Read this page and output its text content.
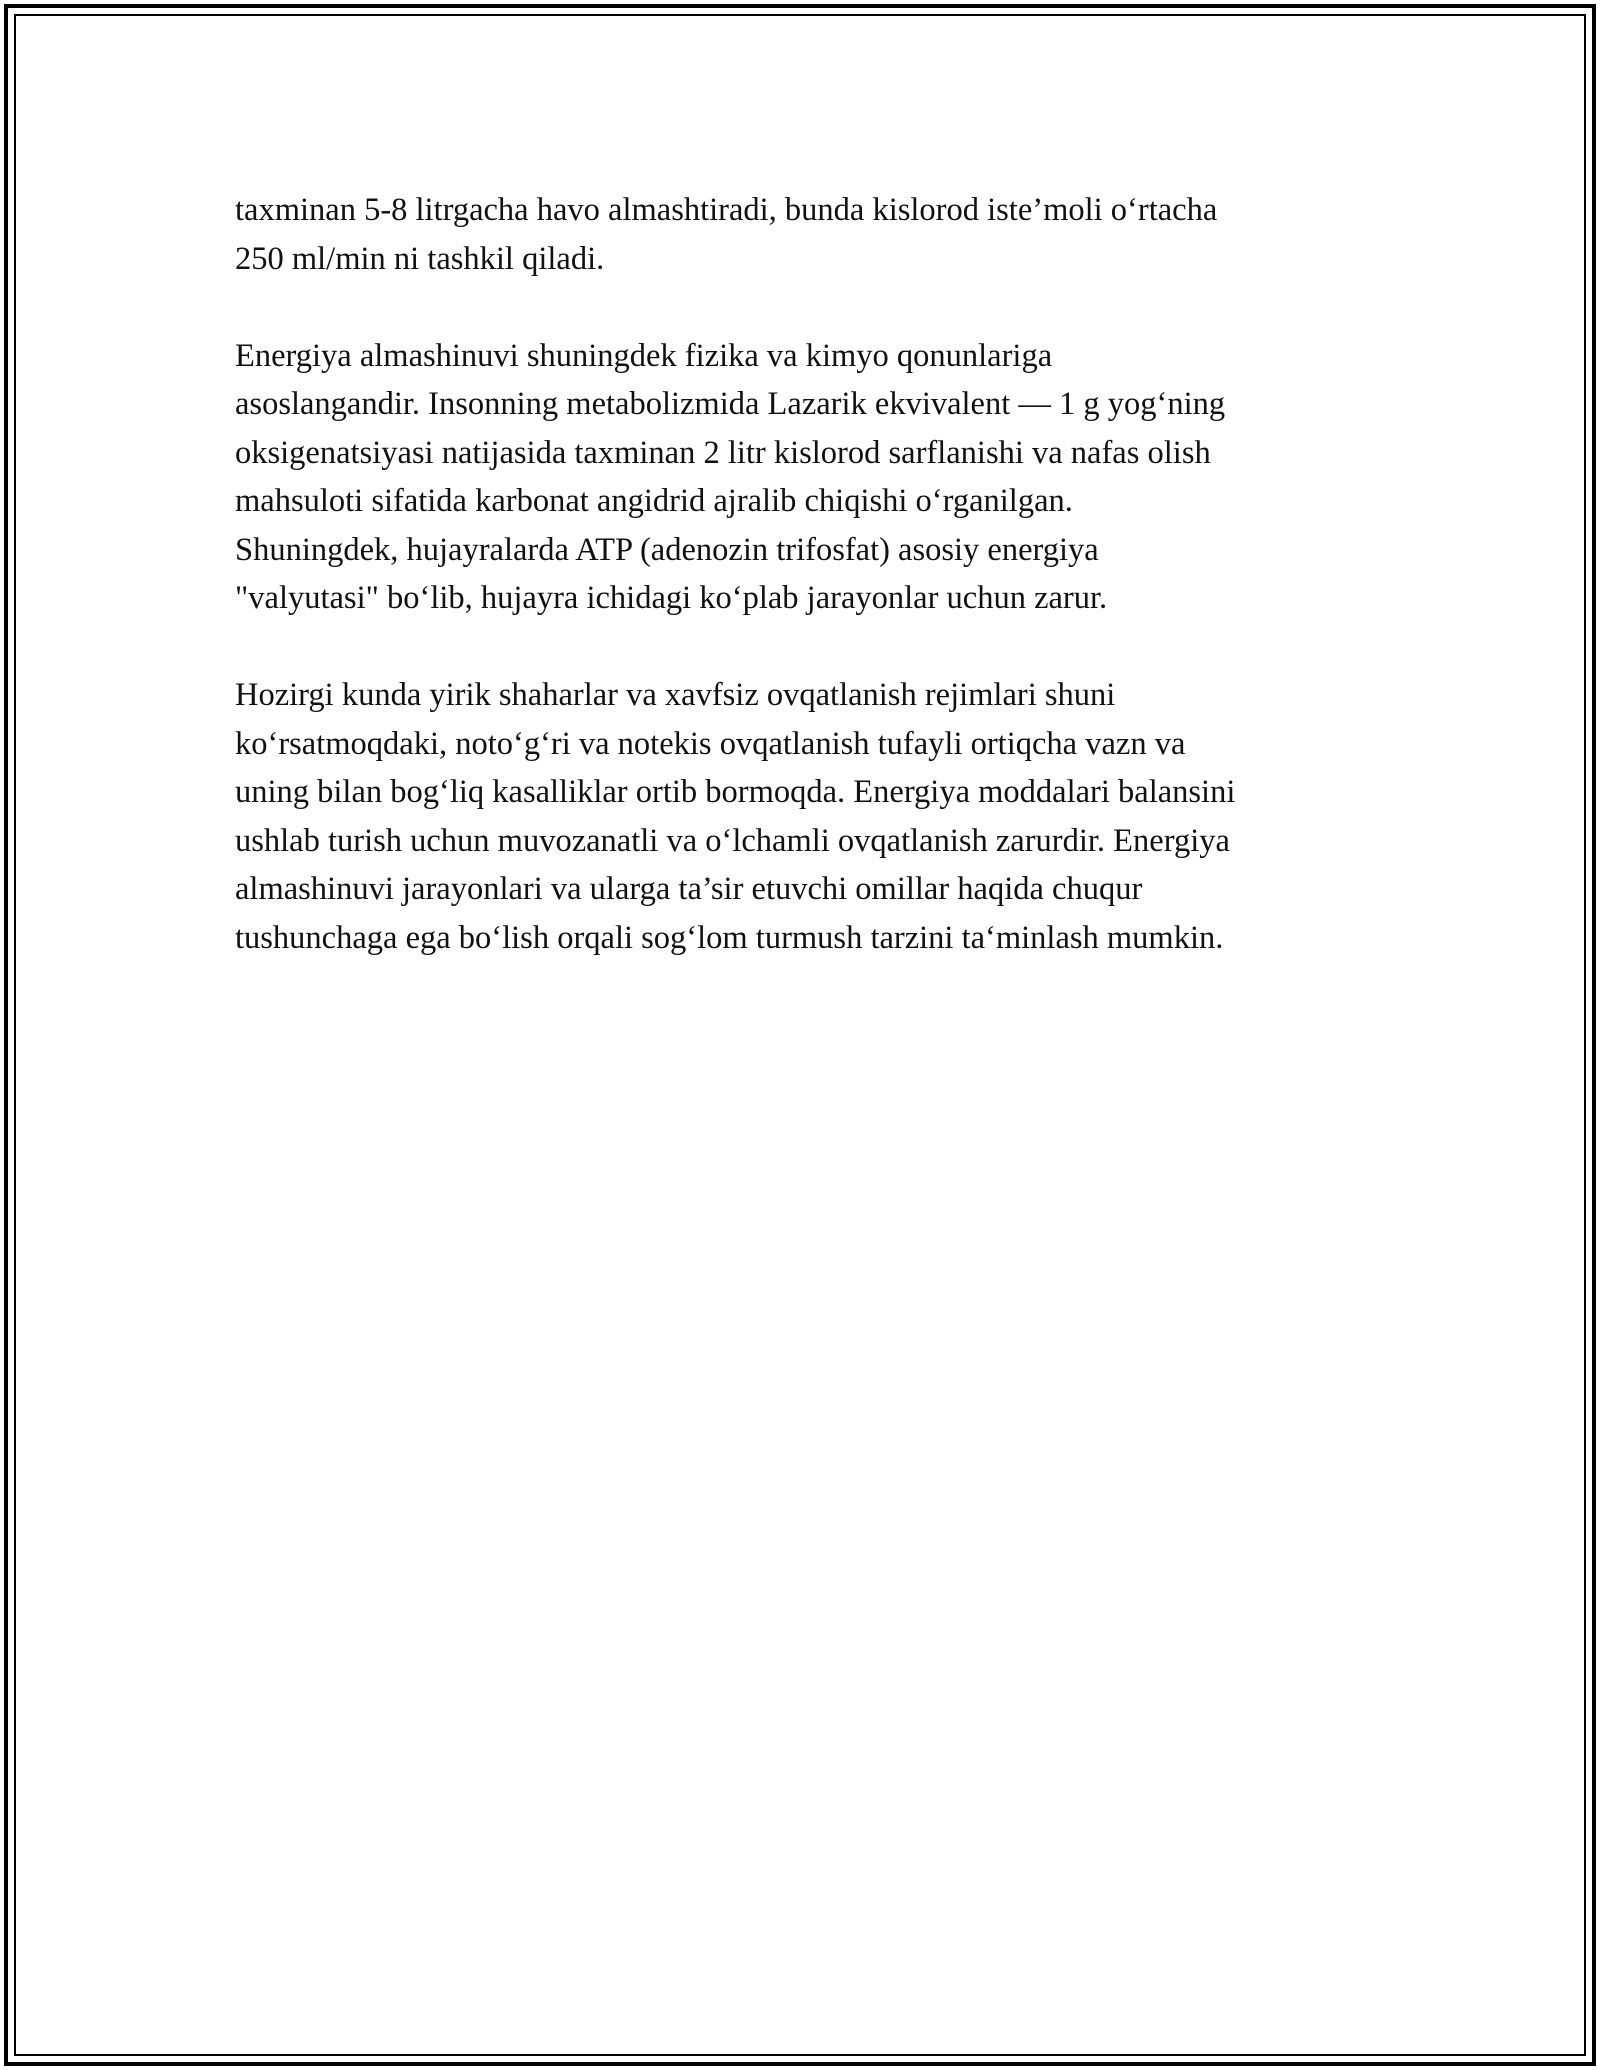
taxminan 5-8 litrgacha havo almashtiradi, bunda kislorod iste’moli o‘rtacha
250 ml/min ni tashkil qiladi.

Energiya almashinuvi shuningdek fizika va kimyo qonunlariga
asoslangandir. Insonning metabolizmida Lazarik ekvivalent — 1 g yog‘ning
oksigenatsiyasi natijasida taxminan 2 litr kislorod sarflanishi va nafas olish
mahsuloti sifatida karbonat angidrid ajralib chiqishi o‘rganilgan.
Shuningdek, hujayralarda ATP (adenozin trifosfat) asosiy energiya
"valyutasi" bo‘lib, hujayra ichidagi ko‘plab jarayonlar uchun zarur.

Hozirgi kunda yirik shaharlar va xavfsiz ovqatlanish rejimlari shuni
ko‘rsatmoqdaki, noto‘g‘ri va notekis ovqatlanish tufayli ortiqcha vazn va
uning bilan bog‘liq kasalliklar ortib bormoqda. Energiya moddalari balansini
ushlab turish uchun muvozanatli va o‘lchamli ovqatlanish zarurdir. Energiya
almashinuvi jarayonlari va ularga ta’sir etuvchi omillar haqida chuqur
tushunchaga ega bo‘lish orqali sog‘lom turmush tarzini ta‘minlash mumkin.
